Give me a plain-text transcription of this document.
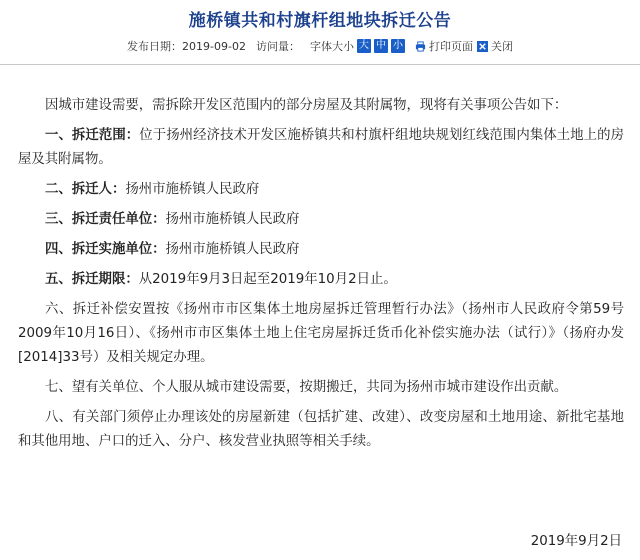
施桥镇共和村旗杆组地块拆迁公告
发布日期： 2019-09-02 访问量： 字体大小 大 中 小	打印页面	关闭

因城市建设需要，需拆除开发区范围内的部分房屋及其附属物，现将有关事项公告如下：

一、拆迁范围：位于扬州经济技术开发区施桥镇共和村旗杆组地块规划红线范围内集体土地上的房屋及其附属物。

二、拆迁人：扬州市施桥镇人民政府

三、拆迁责任单位：扬州市施桥镇人民政府

四、拆迁实施单位：扬州市施桥镇人民政府

五、拆迁期限：从2019年9月3日起至2019年10月2日止。

六、拆迁补偿安置按《扬州市市区集体土地房屋拆迁管理暂行办法》（扬州市人民政府令第59号2009年10月16日）、《扬州市市区集体土地上住宅房屋拆迁货币化补偿实施办法（试行）》（扬府办发[2014]33号）及相关规定办理。

七、望有关单位、个人服从城市建设需要，按期搬迁，共同为扬州市城市建设作出贡献。

八、有关部门须停止办理该处的房屋新建（包括扩建、改建）、改变房屋和土地用途、新批宅基地和其他用地、户口的迁入、分户、核发营业执照等相关手续。

2019年9月2日
